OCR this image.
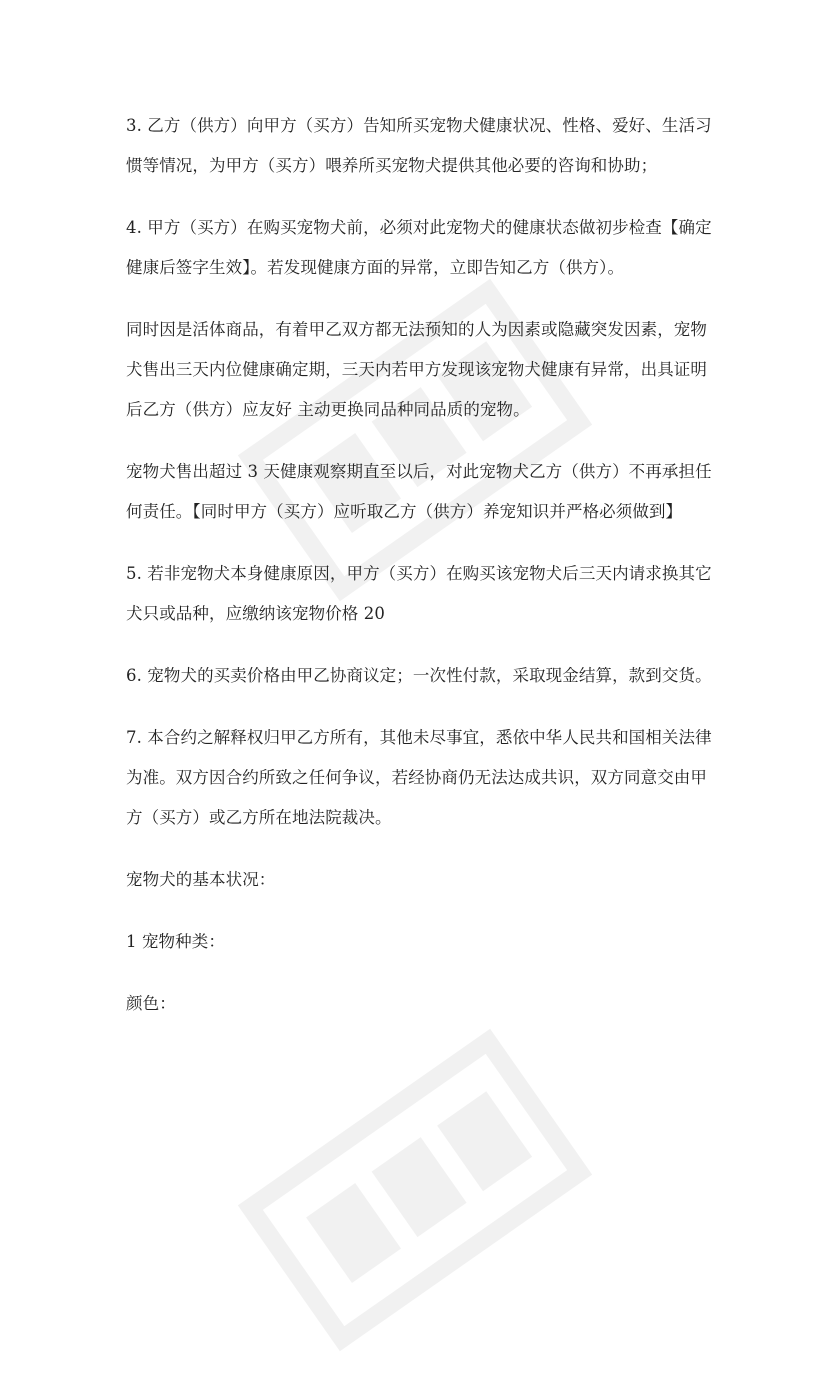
3. 乙方（供方）向甲方（买方）告知所买宠物犬健康状况、性格、爱好、生活习惯等情况，为甲方（买方）喂养所买宠物犬提供其他必要的咨询和协助；

4. 甲方（买方）在购买宠物犬前，必须对此宠物犬的健康状态做初步检查【确定健康后签字生效】。若发现健康方面的异常，立即告知乙方（供方）。

同时因是活体商品，有着甲乙双方都无法预知的人为因素或隐藏突发因素，宠物犬售出三天内位健康确定期，三天内若甲方发现该宠物犬健康有异常，出具证明后乙方（供方）应友好 主动更换同品种同品质的宠物。

宠物犬售出超过 3 天健康观察期直至以后，对此宠物犬乙方（供方）不再承担任何责任。【同时甲方（买方）应听取乙方（供方）养宠知识并严格必须做到】

5. 若非宠物犬本身健康原因，甲方（买方）在购买该宠物犬后三天内请求换其它犬只或品种，应缴纳该宠物价格 20

6. 宠物犬的买卖价格由甲乙协商议定；一次性付款，采取现金结算，款到交货。

7. 本合约之解释权归甲乙方所有，其他未尽事宜，悉依中华人民共和国相关法律为准。双方因合约所致之任何争议，若经协商仍无法达成共识，双方同意交由甲方（买方）或乙方所在地法院裁决。

宠物犬的基本状况：

1 宠物种类：

颜色：
